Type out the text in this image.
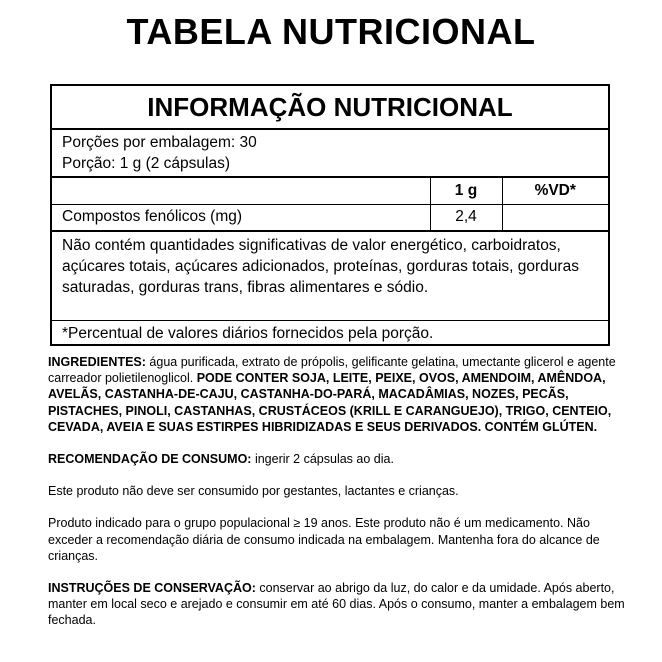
TABELA NUTRICIONAL
INFORMAÇÃO NUTRICIONAL
Porções por embalagem: 30
Porção: 1 g (2 cápsulas)
	1 g	%VD*
Compostos fenólicos (mg)	2,4	
Não contém quantidades significativas de valor energético, carboidratos, açúcares totais, açúcares adicionados, proteínas, gorduras totais, gorduras saturadas, gorduras trans, fibras alimentares e sódio.
*Percentual de valores diários fornecidos pela porção.

INGREDIENTES: água purificada, extrato de própolis, gelificante gelatina, umectante glicerol e agente carreador polietilenoglicol. PODE CONTER SOJA, LEITE, PEIXE, OVOS, AMENDOIM, AMÊNDOA, AVELÃS, CASTANHA-DE-CAJU, CASTANHA-DO-PARÁ, MACADÂMIAS, NOZES, PECÃS, PISTACHES, PINOLI, CASTANHAS, CRUSTÁCEOS (KRILL E CARANGUEJO), TRIGO, CENTEIO, CEVADA, AVEIA E SUAS ESTIRPES HIBRIDIZADAS E SEUS DERIVADOS. CONTÉM GLÚTEN.

RECOMENDAÇÃO DE CONSUMO: ingerir 2 cápsulas ao dia.

Este produto não deve ser consumido por gestantes, lactantes e crianças.

Produto indicado para o grupo populacional ≥ 19 anos. Este produto não é um medicamento. Não exceder a recomendação diária de consumo indicada na embalagem. Mantenha fora do alcance de crianças.

INSTRUÇÕES DE CONSERVAÇÃO: conservar ao abrigo da luz, do calor e da umidade. Após aberto, manter em local seco e arejado e consumir em até 60 dias. Após o consumo, manter a embalagem bem fechada.
